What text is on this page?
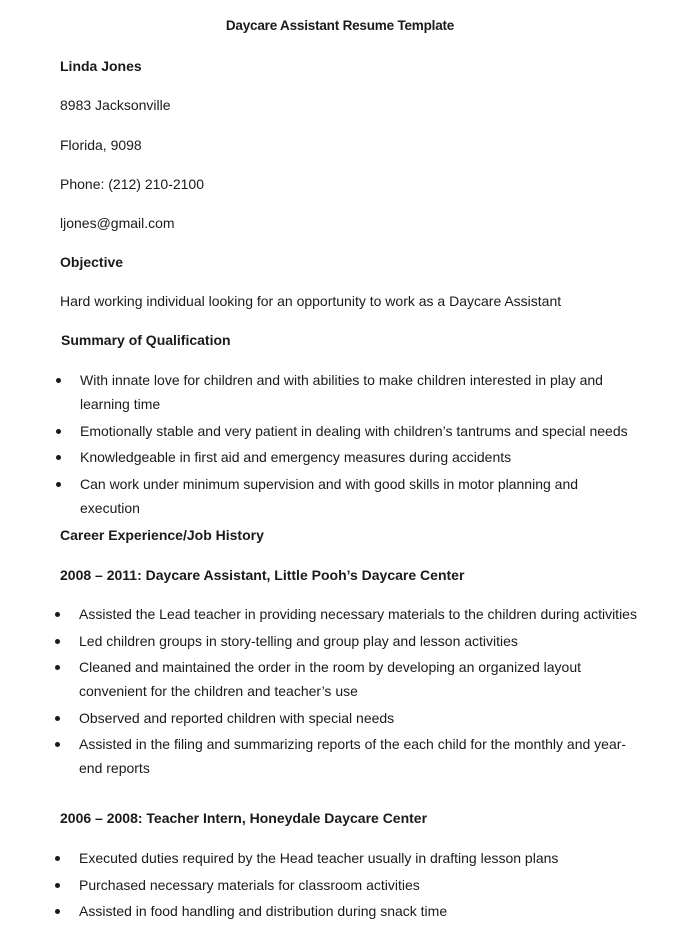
Daycare Assistant Resume Template
Linda Jones
8983 Jacksonville
Florida, 9098
Phone: (212) 210-2100
ljones@gmail.com
Objective
Hard working individual looking for an opportunity to work as a Daycare Assistant
Summary of Qualification
With innate love for children and with abilities to make children interested in play and learning time
Emotionally stable and very patient in dealing with children’s tantrums and special needs
Knowledgeable in first aid and emergency measures during accidents
Can work under minimum supervision and with good skills in motor planning and execution
Career Experience/Job History
2008 – 2011: Daycare Assistant, Little Pooh’s Daycare Center
Assisted the Lead teacher in providing necessary materials to the children during activities
Led children groups in story-telling and group play and lesson activities
Cleaned and maintained the order in the room by developing an organized layout convenient for the children and teacher’s use
Observed and reported children with special needs
Assisted in the filing and summarizing reports of the each child for the monthly and year-end reports
2006 – 2008: Teacher Intern, Honeydale Daycare Center
Executed duties required by the Head teacher usually in drafting lesson plans
Purchased necessary materials for classroom activities
Assisted in food handling and distribution during snack time
